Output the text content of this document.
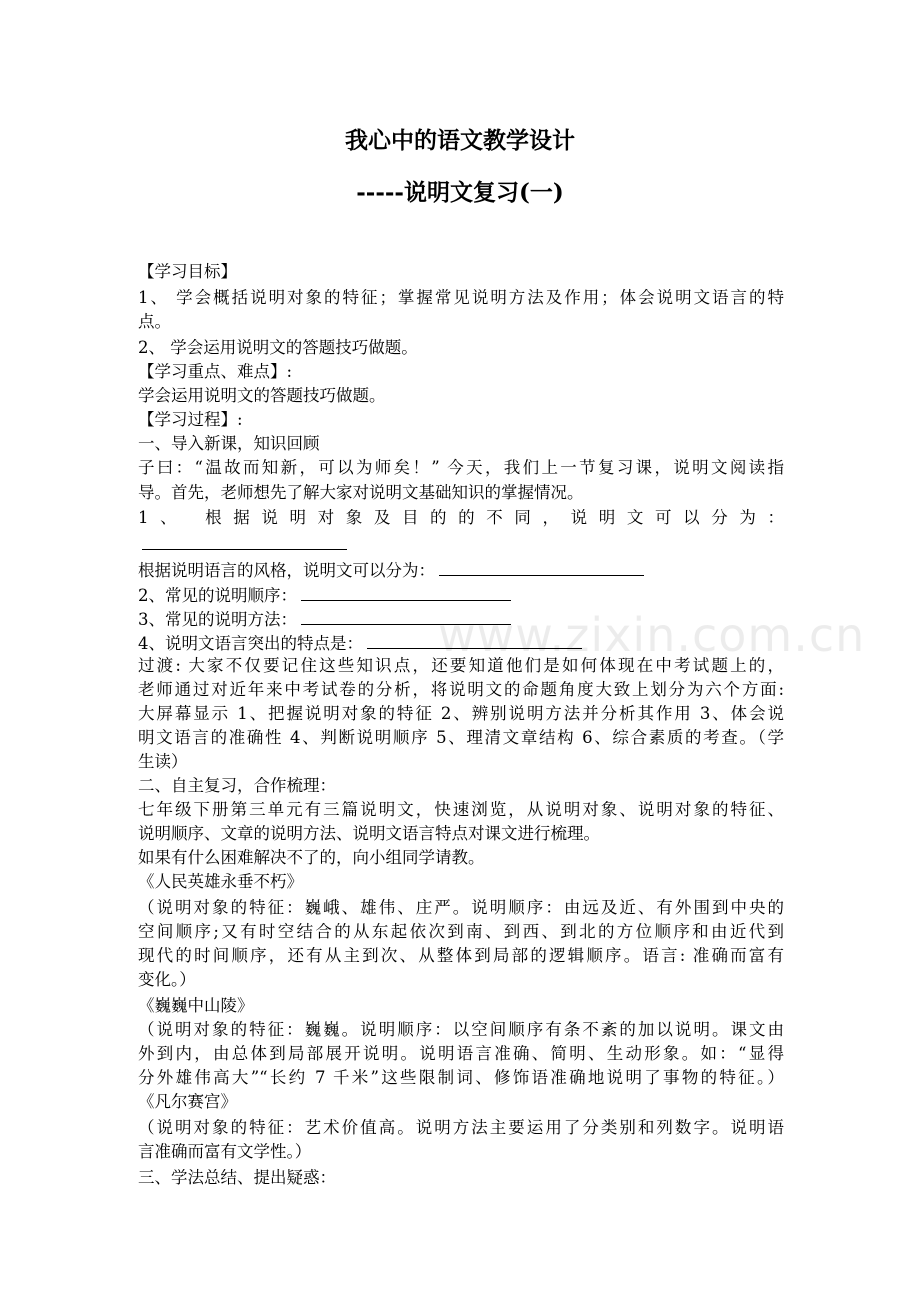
我心中的语文教学设计
-----说明文复习(一)
www.zixin.com.cn
【学习目标】
1、 学会概括说明对象的特征；掌握常见说明方法及作用；体会说明文语言的特
点。
2、 学会运用说明文的答题技巧做题。
【学习重点、难点】:
学会运用说明文的答题技巧做题。
【学习过程】:
一、导入新课，知识回顾
子曰：“温故而知新，可以为师矣！” 今天，我们上一节复习课，说明文阅读指
导。首先，老师想先了解大家对说明文基础知识的掌握情况。
1、 根据说明对象及目的的不同，说明文可以分为：
根据说明语言的风格，说明文可以分为：
2、常见的说明顺序：
3、常见的说明方法：
4、说明文语言突出的特点是：
过渡: 大家不仅要记住这些知识点，还要知道他们是如何体现在中考试题上的，
老师通过对近年来中考试卷的分析，将说明文的命题角度大致上划分为六个方面:
大屏幕显示 1、把握说明对象的特征 2、辨别说明方法并分析其作用 3、体会说
明文语言的准确性 4、判断说明顺序 5、理清文章结构 6、综合素质的考查。（学
生读）
二、自主复习，合作梳理：
七年级下册第三单元有三篇说明文，快速浏览，从说明对象、说明对象的特征、
说明顺序、文章的说明方法、说明文语言特点对课文进行梳理。
如果有什么困难解决不了的，向小组同学请教。
《人民英雄永垂不朽》
（说明对象的特征：巍峨、雄伟、庄严。说明顺序：由远及近、有外围到中央的
空间顺序;又有时空结合的从东起依次到南、到西、到北的方位顺序和由近代到
现代的时间顺序，还有从主到次、从整体到局部的逻辑顺序。语言: 准确而富有
变化。）
《巍巍中山陵》
（说明对象的特征：巍巍。说明顺序：以空间顺序有条不紊的加以说明。课文由
外到内，由总体到局部展开说明。说明语言准确、简明、生动形象。如：“显得
分外雄伟高大”“长约 7 千米”这些限制词、修饰语准确地说明了事物的特征。）
《凡尔赛宫》
（说明对象的特征：艺术价值高。说明方法主要运用了分类别和列数字。说明语
言准确而富有文学性。）
三、学法总结、提出疑惑：
